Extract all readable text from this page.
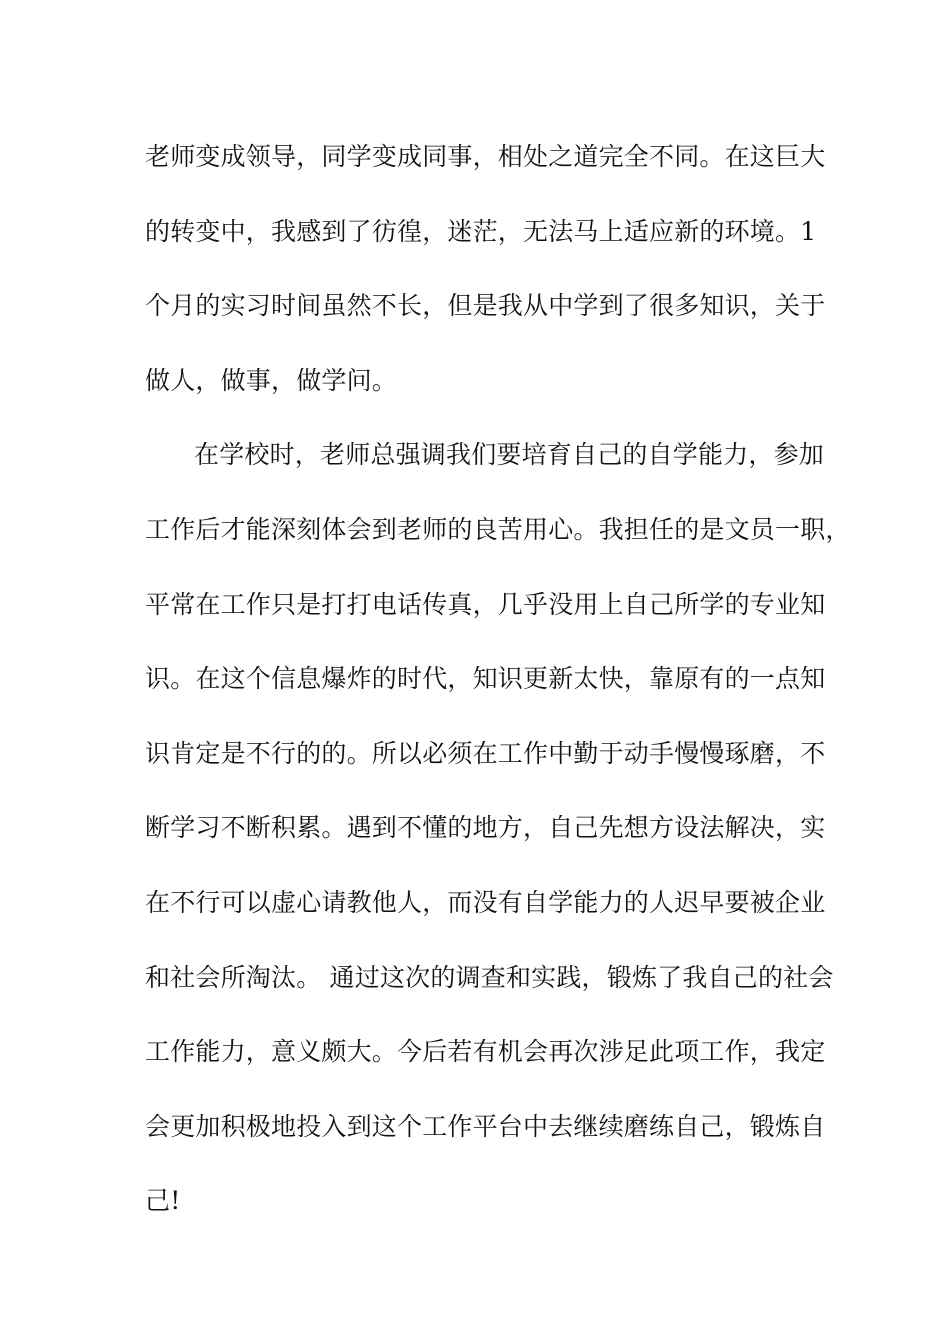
老师变成领导，同学变成同事，相处之道完全不同。在这巨大
的转变中，我感到了彷徨，迷茫，无法马上适应新的环境。1
个月的实习时间虽然不长，但是我从中学到了很多知识，关于
做人，做事，做学问。
在学校时，老师总强调我们要培育自己的自学能力，参加
工作后才能深刻体会到老师的良苦用心。我担任的是文员一职，
平常在工作只是打打电话传真，几乎没用上自己所学的专业知
识。在这个信息爆炸的时代，知识更新太快，靠原有的一点知
识肯定是不行的的。所以必须在工作中勤于动手慢慢琢磨，不
断学习不断积累。遇到不懂的地方，自己先想方设法解决，实
在不行可以虚心请教他人，而没有自学能力的人迟早要被企业
和社会所淘汰。 通过这次的调查和实践，锻炼了我自己的社会
工作能力，意义颇大。今后若有机会再次涉足此项工作，我定
会更加积极地投入到这个工作平台中去继续磨练自己，锻炼自
己!
